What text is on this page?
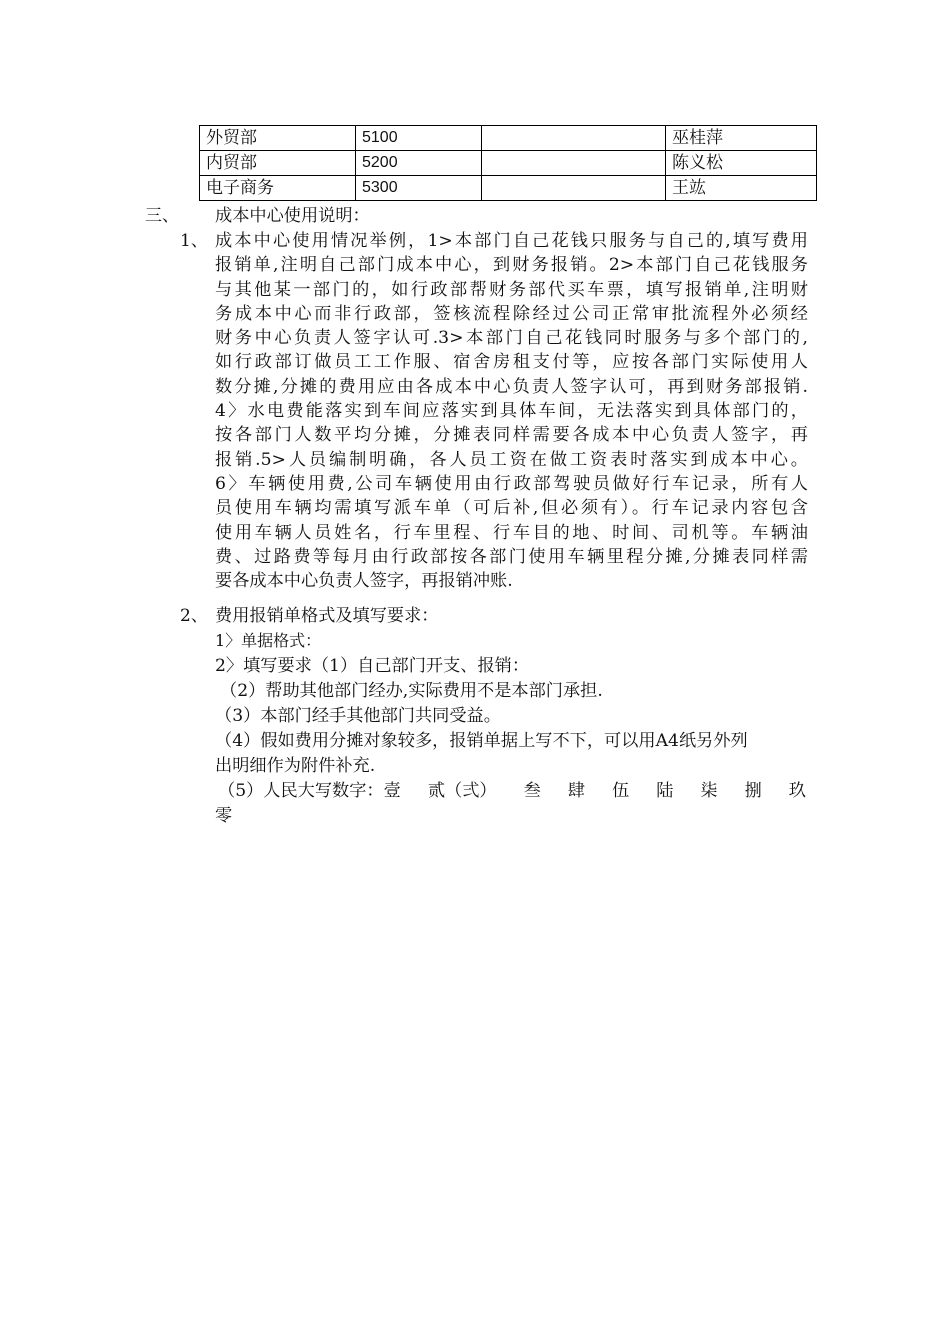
外贸部	5100		巫桂萍
内贸部	5200		陈义松
电子商务	5300		王竑
三、 成本中心使用说明：
1、 成本中心使用情况举例，1>本部门自己花钱只服务与自己的,填写费用
报销单,注明自己部门成本中心，到财务报销。2>本部门自己花钱服务
与其他某一部门的，如行政部帮财务部代买车票，填写报销单,注明财
务成本中心而非行政部，签核流程除经过公司正常审批流程外必须经
财务中心负责人签字认可.3>本部门自己花钱同时服务与多个部门的,
如行政部订做员工工作服、宿舍房租支付等，应按各部门实际使用人
数分摊,分摊的费用应由各成本中心负责人签字认可，再到财务部报销.
4〉水电费能落实到车间应落实到具体车间，无法落实到具体部门的，
按各部门人数平均分摊，分摊表同样需要各成本中心负责人签字，再
报销.5>人员编制明确，各人员工资在做工资表时落实到成本中心。
6〉车辆使用费,公司车辆使用由行政部驾驶员做好行车记录，所有人
员使用车辆均需填写派车单（可后补,但必须有）。行车记录内容包含
使用车辆人员姓名，行车里程、行车目的地、时间、司机等。车辆油
费、过路费等每月由行政部按各部门使用车辆里程分摊,分摊表同样需
要各成本中心负责人签字，再报销冲账.
2、 费用报销单格式及填写要求：
1〉单据格式：
2〉填写要求（1）自己部门开支、报销：
（2）帮助其他部门经办,实际费用不是本部门承担.
（3）本部门经手其他部门共同受益。
（4）假如费用分摊对象较多，报销单据上写不下，可以用A4纸另外列
出明细作为附件补充.
（5）人民大写数字：壹 贰（弍） 叁 肆 伍 陆 柒 捌 玖
零
